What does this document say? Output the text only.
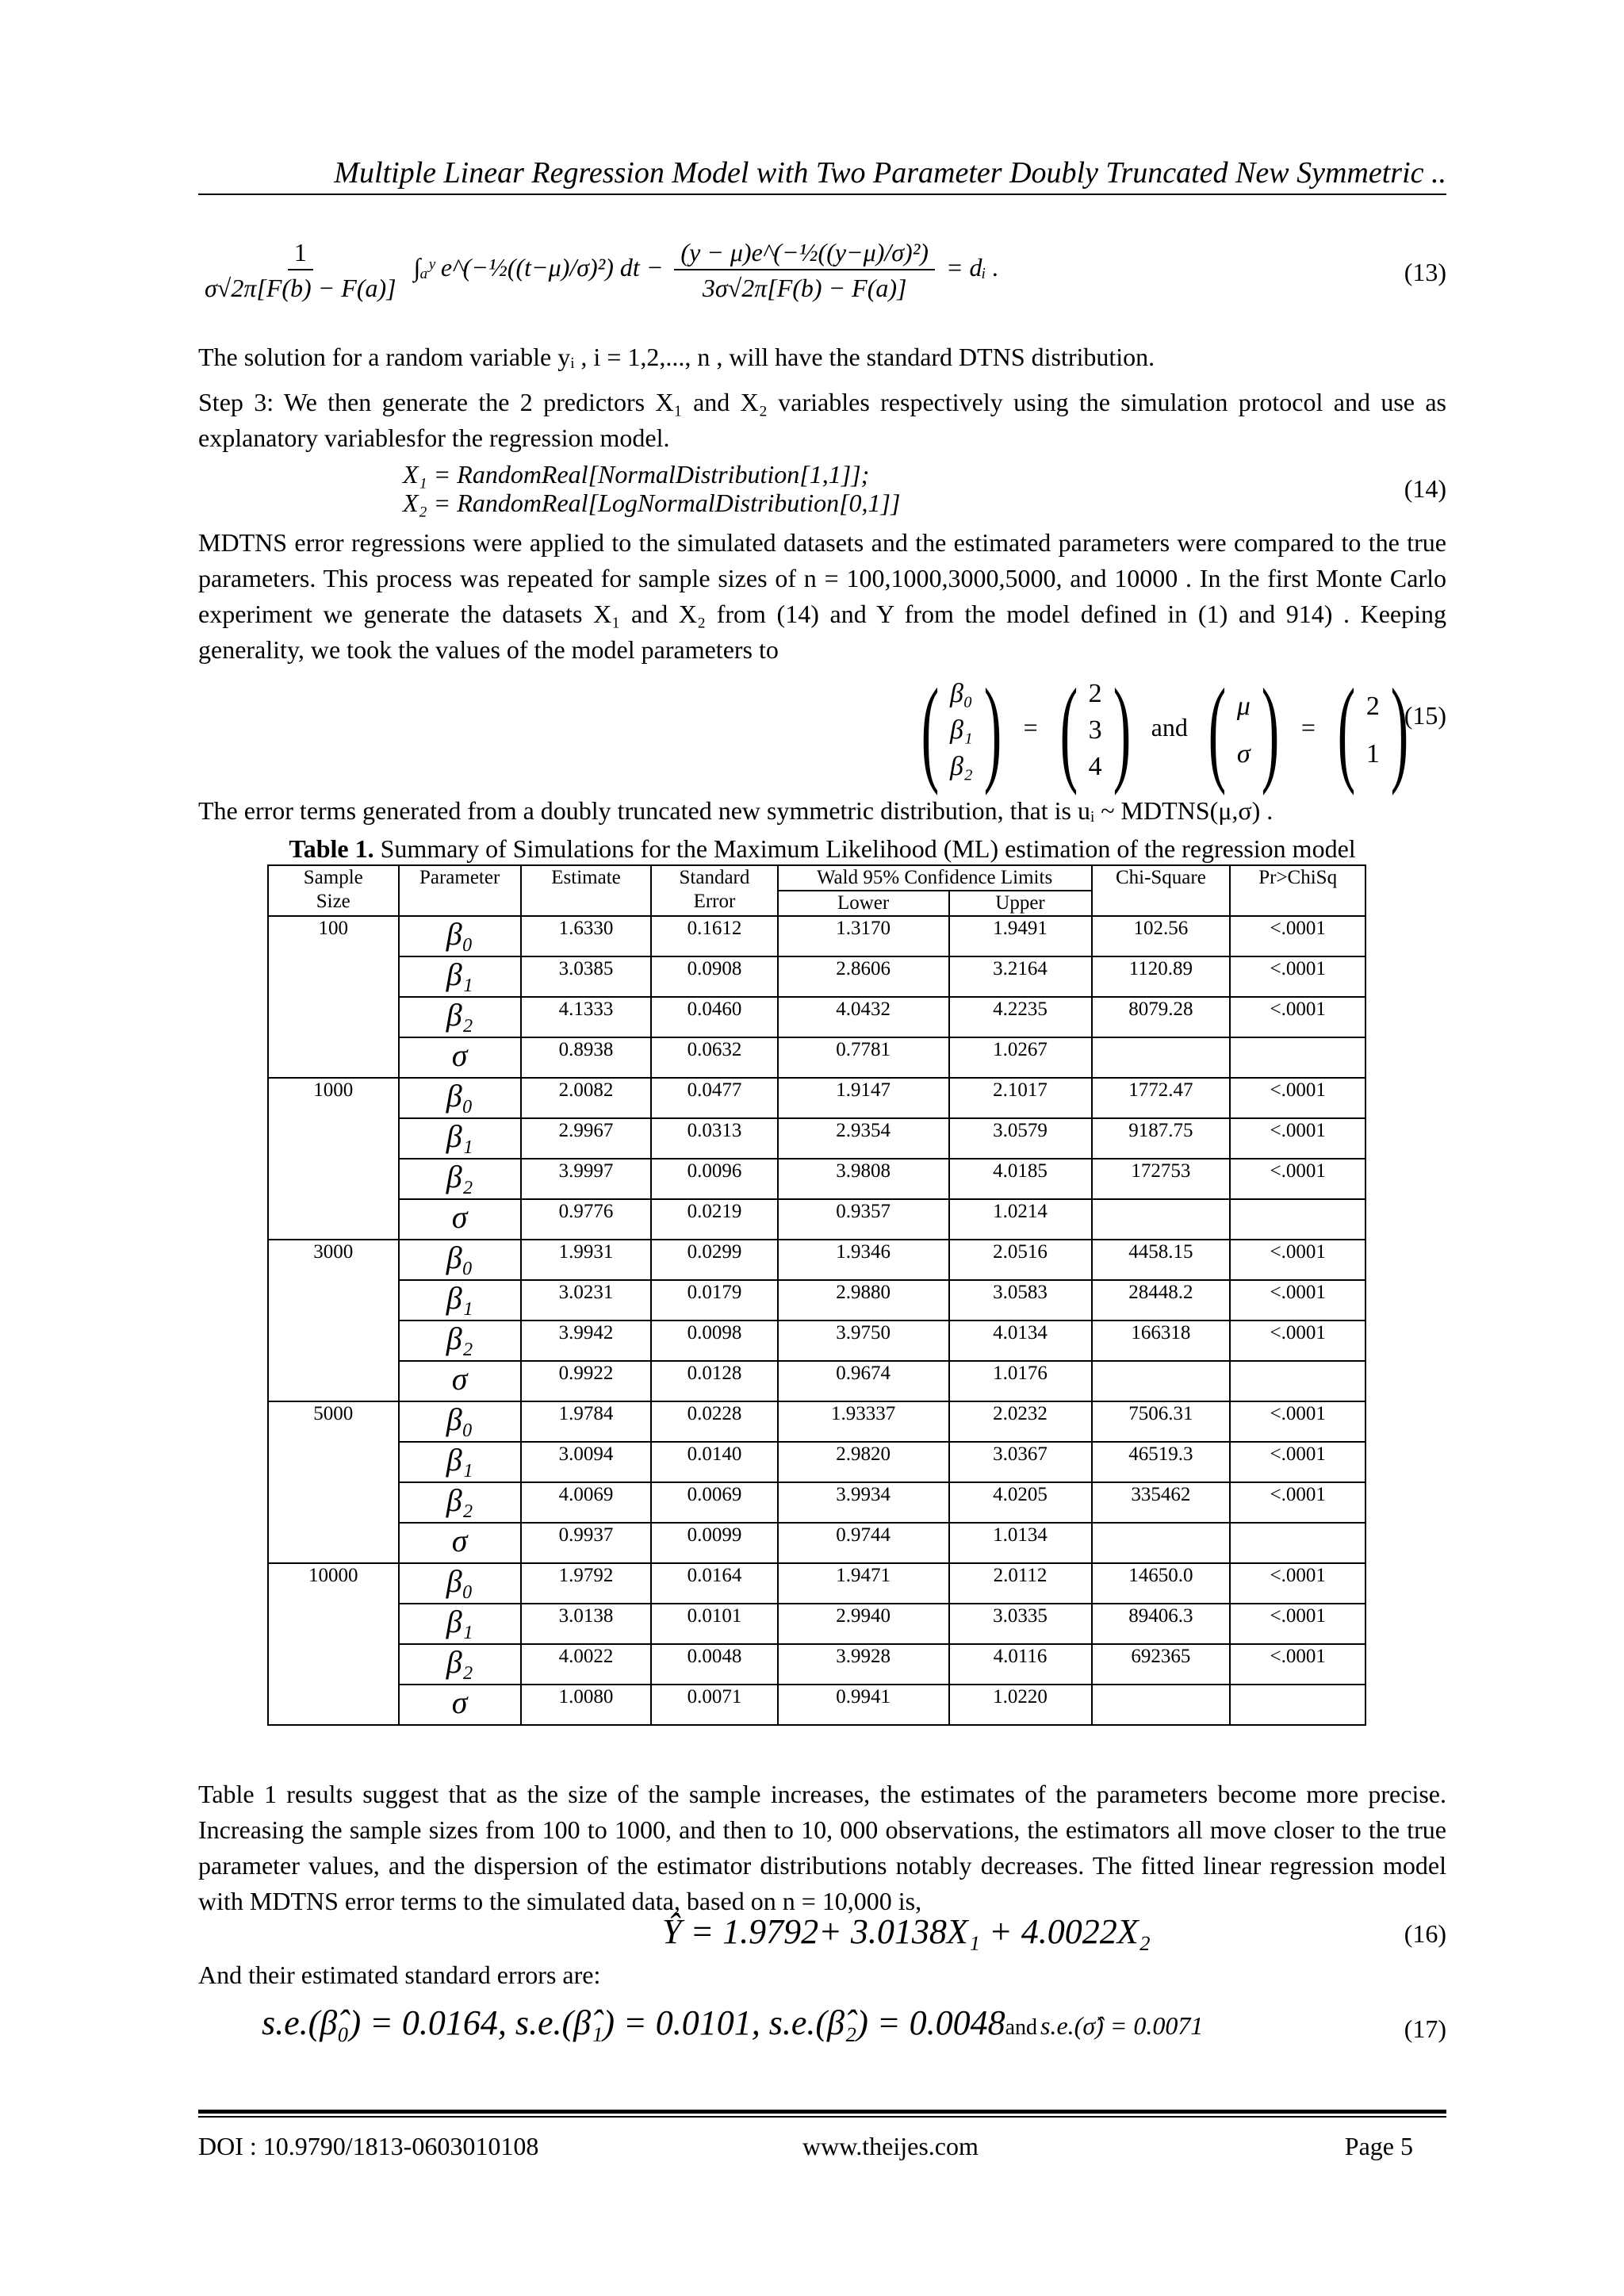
Multiple Linear Regression Model with Two Parameter Doubly Truncated New Symmetric ..
$\frac{1}{\sigma√2\pi[F(b) - F(a)]}$ ∫ₐʸ e^(−½((t−μ)/σ)²) dt − $\frac{\text{(y − μ)e\textasciicircum{}(−½((y−μ)/σ)²)}}{3\sigma√2\pi[F(b) - F(a)]}$ = dᵢ .	(13)

The solution for a random variable yᵢ , i = 1,2,..., n , will have the standard DTNS distribution.

Step 3: We then generate the 2 predictors X₁ and X₂ variables respectively using the simulation protocol and use as explanatory variablesfor the regression model.

X₁ = RandomReal[NormalDistribution[1,1]];
X₂ = RandomReal[LogNormalDistribution[0,1]]	(14)

MDTNS error regressions were applied to the simulated datasets and the estimated parameters were compared to the true parameters. This process was repeated for sample sizes of n = 100,1000,3000,5000, and 10000 . In the first Monte Carlo experiment we generate the datasets X₁ and X₂ from (14) and Y from the model defined in (1) and 914) . Keeping generality, we took the values of the model parameters to

( β₀
β₁
β₂ ) = ( 2
3
4 ) and ( μ
σ ) = ( 2
1 )
(15)

The error terms generated from a doubly truncated new symmetric distribution, that is uᵢ ~ MDTNS(μ,σ) .

Table 1. Summary of Simulations for the Maximum Likelihood (ML) estimation of the regression model
Sample
Size	Parameter	Estimate	Standard
Error	Wald 95% Confidence Limits		Chi-Square	Pr>ChiSq
				Lower	Upper		
100	β₀	1.6330	0.1612	1.3170	1.9491	102.56	<.0001
	β₁	3.0385	0.0908	2.8606	3.2164	1120.89	<.0001
	β₂	4.1333	0.0460	4.0432	4.2235	8079.28	<.0001
	σ	0.8938	0.0632	0.7781	1.0267		
1000	β₀	2.0082	0.0477	1.9147	2.1017	1772.47	<.0001
	β₁	2.9967	0.0313	2.9354	3.0579	9187.75	<.0001
	β₂	3.9997	0.0096	3.9808	4.0185	172753	<.0001
	σ	0.9776	0.0219	0.9357	1.0214		
3000	β₀	1.9931	0.0299	1.9346	2.0516	4458.15	<.0001
	β₁	3.0231	0.0179	2.9880	3.0583	28448.2	<.0001
	β₂	3.9942	0.0098	3.9750	4.0134	166318	<.0001
	σ	0.9922	0.0128	0.9674	1.0176		
5000	β₀	1.9784	0.0228	1.93337	2.0232	7506.31	<.0001
	β₁	3.0094	0.0140	2.9820	3.0367	46519.3	<.0001
	β₂	4.0069	0.0069	3.9934	4.0205	335462	<.0001
	σ	0.9937	0.0099	0.9744	1.0134		
10000	β₀	1.9792	0.0164	1.9471	2.0112	14650.0	<.0001
	β₁	3.0138	0.0101	2.9940	3.0335	89406.3	<.0001
	β₂	4.0022	0.0048	3.9928	4.0116	692365	<.0001
	σ	1.0080	0.0071	0.9941	1.0220		

Table 1 results suggest that as the size of the sample increases, the estimates of the parameters become more precise. Increasing the sample sizes from 100 to 1000, and then to 10, 000 observations, the estimators all move closer to the true parameter values, and the dispersion of the estimator distributions notably decreases. The fitted linear regression model with MDTNS error terms to the simulated data, based on n = 10,000 is,

Ŷ = 1.9792+ 3.0138X₁ + 4.0022X₂	(16)

And their estimated standard errors are:

s.e.(β̂₀) = 0.0164, s.e.(β̂₁) = 0.0101, s.e.(β̂₂) = 0.0048and s.e.(σ̂) = 0.0071	(17)
DOI : 10.9790/1813-0603010108	www.theijes.com	Page 5
